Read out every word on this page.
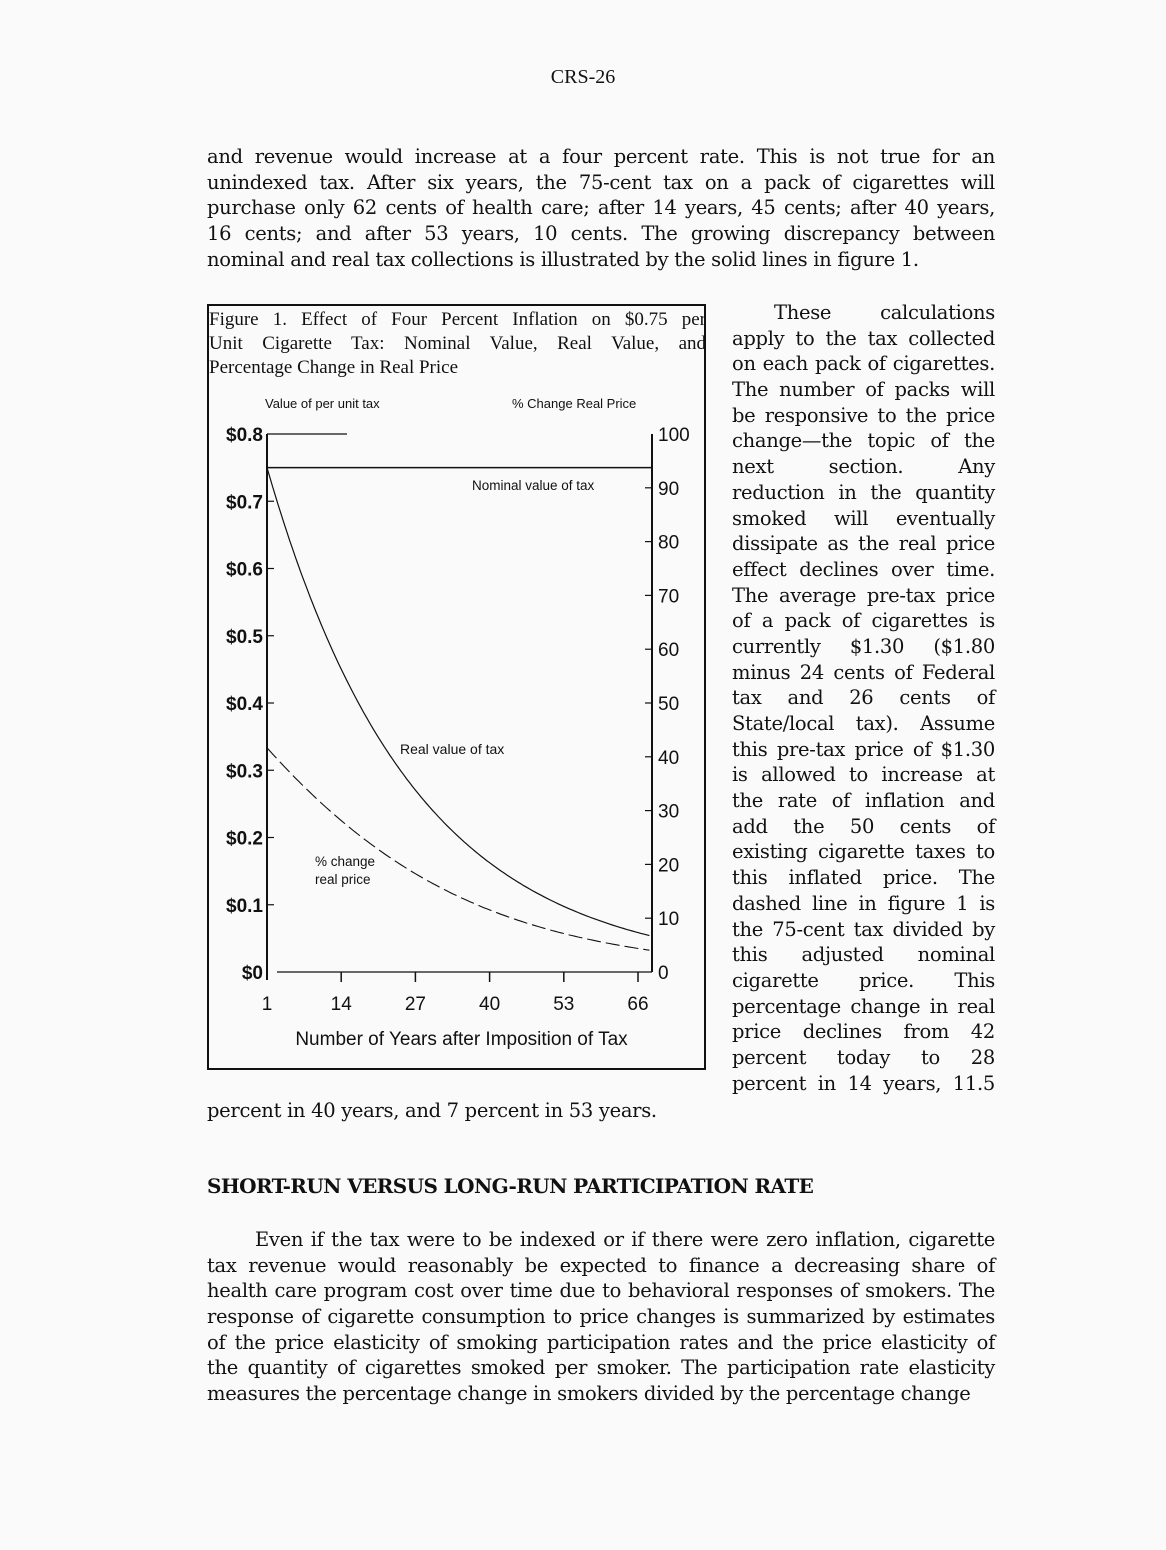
CRS-26
and revenue would increase at a four percent rate. This is not true for an
unindexed tax. After six years, the 75-cent tax on a pack of cigarettes will
purchase only 62 cents of health care; after 14 years, 45 cents; after 40 years,
16 cents; and after 53 years, 10 cents. The growing discrepancy between
nominal and real tax collections is illustrated by the solid lines in figure 1.
Figure 1. Effect of Four Percent Inflation on $0.75 per
Unit Cigarette Tax: Nominal Value, Real Value, and
Percentage Change in Real Price
Value of per unit tax	% Change Real Price
$0
$0.1
$0.2
$0.3
$0.4
$0.5
$0.6
$0.7
$0.8
0
10
20
30
40
50
60
70
80
90
100
1	14	27	40	53	66
Number of Years after Imposition of Tax
Nominal value of tax
Real value of tax
% change
real price
These calculations
apply to the tax collected
on each pack of cigarettes.
The number of packs will
be responsive to the price
change—the topic of the
next section. Any
reduction in the quantity
smoked will eventually
dissipate as the real price
effect declines over time.
The average pre-tax price
of a pack of cigarettes is
currently $1.30 ($1.80
minus 24 cents of Federal
tax and 26 cents of
State/local tax). Assume
this pre-tax price of $1.30
is allowed to increase at
the rate of inflation and
add the 50 cents of
existing cigarette taxes to
this inflated price. The
dashed line in figure 1 is
the 75-cent tax divided by
this adjusted nominal
cigarette price. This
percentage change in real
price declines from 42
percent today to 28
percent in 14 years, 11.5
percent in 40 years, and 7 percent in 53 years.
SHORT-RUN VERSUS LONG-RUN PARTICIPATION RATE
Even if the tax were to be indexed or if there were zero inflation, cigarette
tax revenue would reasonably be expected to finance a decreasing share of
health care program cost over time due to behavioral responses of smokers. The
response of cigarette consumption to price changes is summarized by estimates
of the price elasticity of smoking participation rates and the price elasticity of
the quantity of cigarettes smoked per smoker. The participation rate elasticity
measures the percentage change in smokers divided by the percentage change
